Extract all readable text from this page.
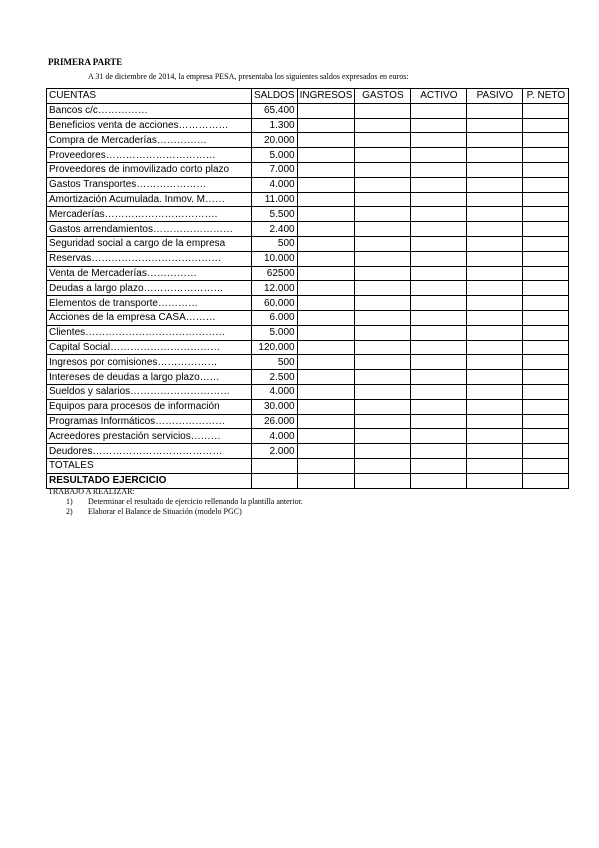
PRIMERA PARTE
A 31 de diciembre de 2014, la empresa PESA, presentaba los siguientes saldos expresados en euros:
CUENTAS	SALDOS	INGRESOS	GASTOS	ACTIVO	PASIVO	P. NETO
Bancos c/c……………	65.400					
Beneficios venta de acciones……………	1.300					
Compra de Mercaderías……………	20.000					
Proveedores……………………………	5.000					
Proveedores de inmovilizado corto plazo	7.000					
Gastos Transportes…………………	4.000					
Amortización Acumulada. Inmov. M……	11.000					
Mercaderías…………………………….	5.500					
Gastos arrendamientos……………………	2.400					
Seguridad social a cargo de la empresa	500					
Reservas…………………………………	10.000					
Venta de Mercaderías……………	62500					
Deudas a largo plazo……………………	12.000					
Elementos de transporte…………	60.000					
Acciones de la empresa CASA………	6.000					
Clientes……………………………………	5.000					
Capital Social……………………………	120.000					
Ingresos por comisiones………………	500					
Intereses de deudas a largo plazo……	2.500					
Sueldos y salarios…………………………	4.000					
Equipos para procesos de información	30.000					
Programas Informáticos…………………	26.000					
Acreedores prestación servicios………	4.000					
Deudores…………………………………	2.000					
TOTALES						
RESULTADO EJERCICIO						
TRABAJO A REALIZAR:
1) Determinar el resultado de ejercicio rellenando la plantilla anterior.
2) Elaborar el Balance de Situación (modelo PGC)
